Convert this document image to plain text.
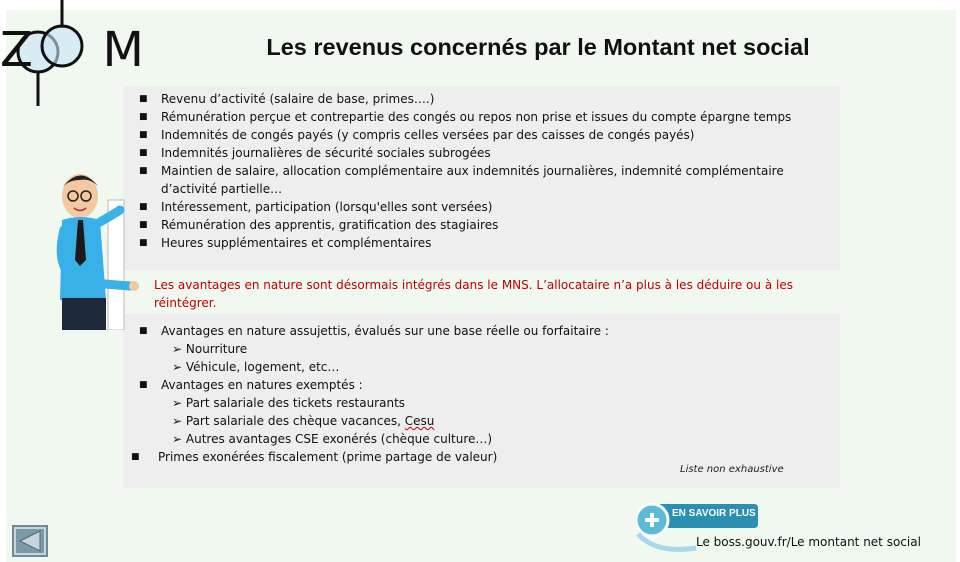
Z M	Les revenus concernés par le Montant net social
■ Revenu d’activité (salaire de base, primes….)
■ Rémunération perçue et contrepartie des congés ou repos non prise et issues du compte épargne temps
■ Indemnités de congés payés (y compris celles versées par des caisses de congés payés)
■ Indemnités journalières de sécurité sociales subrogées
■ Maintien de salaire, allocation complémentaire aux indemnités journalières, indemnité complémentaire
d’activité partielle…
■ Intéressement, participation (lorsqu'elles sont versées)
■ Rémunération des apprentis, gratification des stagiaires
■ Heures supplémentaires et complémentaires
Les avantages en nature sont désormais intégrés dans le MNS. L’allocataire n’a plus à les déduire ou à les réintégrer.
■ Avantages en nature assujettis, évalués sur une base réelle ou forfaitaire :
➢ Nourriture
➢ Véhicule, logement, etc…
■ Avantages en natures exemptés :
➢ Part salariale des tickets restaurants
➢ Part salariale des chèque vacances, Cesu
➢ Autres avantages CSE exonérés (chèque culture…)
■ Primes exonérées fiscalement (prime partage de valeur)
Liste non exhaustive
EN SAVOIR PLUS
Le boss.gouv.fr/Le montant net social
